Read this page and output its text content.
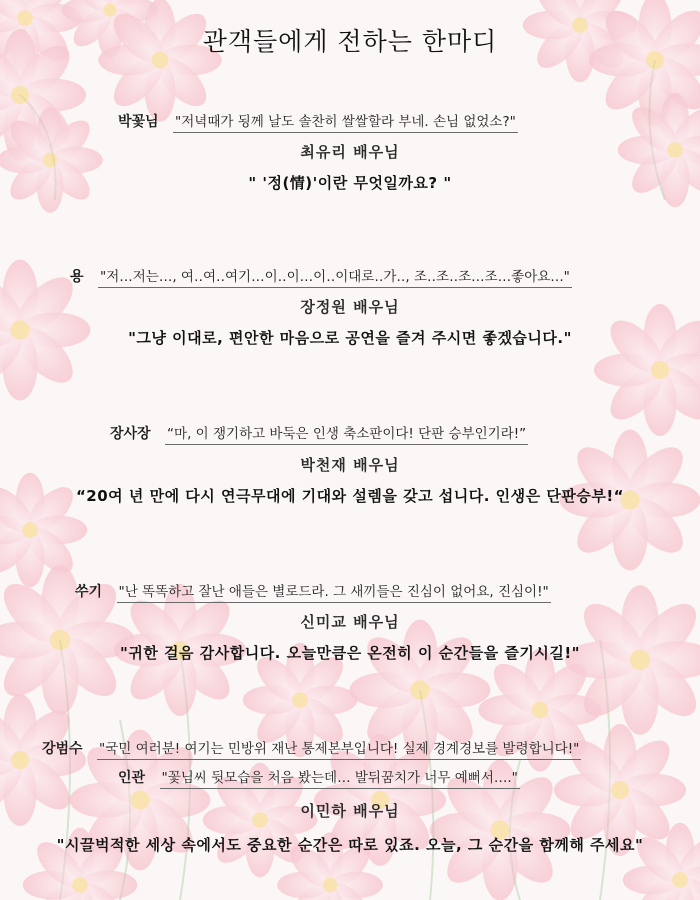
관객들에게 전하는 한마디
박꽃님 "저녁때가 됭께 날도 솔찬히 쌀쌀할라 부네. 손님 없었소?"
최유리 배우님
" '정(情)'이란 무엇일까요? "
용 "저…저는…, 여‥여‥여기…이‥이…이‥이대로‥가‥, 조‥조‥조…조…좋아요‥."
장정원 배우님
"그냥 이대로, 편안한 마음으로 공연을 즐겨 주시면 좋겠습니다."
장사장 “마, 이 쟁기하고 바둑은 인생 축소판이다! 단판 승부인기라!”
박천재 배우님
“20여 년 만에 다시 연극무대에 기대와 설렘을 갖고 섭니다. 인생은 단판승부!“
쑤기 "난 똑똑하고 잘난 애들은 별로드라. 그 새끼들은 진심이 없어요, 진심이!"
신미교 배우님
"귀한 걸음 감사합니다. 오늘만큼은 온전히 이 순간들을 즐기시길!"
강범수 "국민 여러분! 여기는 민방위 재난 통제본부입니다! 실제 경계경보를 발령합니다!"
인관 "꽃님씨 뒷모습을 처음 봤는데… 발뒤꿈치가 너무 예뻐서…."
이민하 배우님
"시끌벅적한 세상 속에서도 중요한 순간은 따로 있죠. 오늘, 그 순간을 함께해 주세요"
